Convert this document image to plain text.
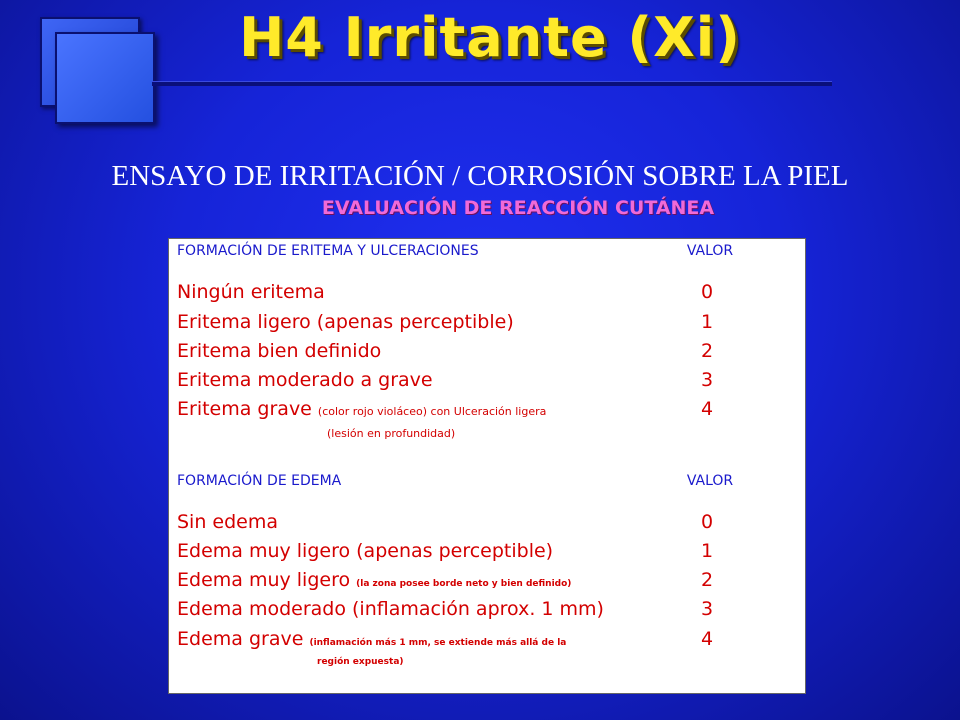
H4 Irritante (Xi)
ENSAYO DE IRRITACIÓN / CORROSIÓN SOBRE LA PIEL
EVALUACIÓN DE REACCIÓN CUTÁNEA
FORMACIÓN DE ERITEMA Y ULCERACIONES	VALOR
Ningún eritema	0
Eritema ligero (apenas perceptible)	1
Eritema bien definido	2
Eritema moderado a grave	3
Eritema grave (color rojo violáceo) con Ulceración ligera	4
(lesión en profundidad)
FORMACIÓN DE EDEMA	VALOR
Sin edema	0
Edema muy ligero (apenas perceptible)	1
Edema muy ligero (la zona posee borde neto y bien definido)	2
Edema moderado (inflamación aprox. 1 mm)	3
Edema grave (inflamación más 1 mm, se extiende más allá de la	4
región expuesta)
